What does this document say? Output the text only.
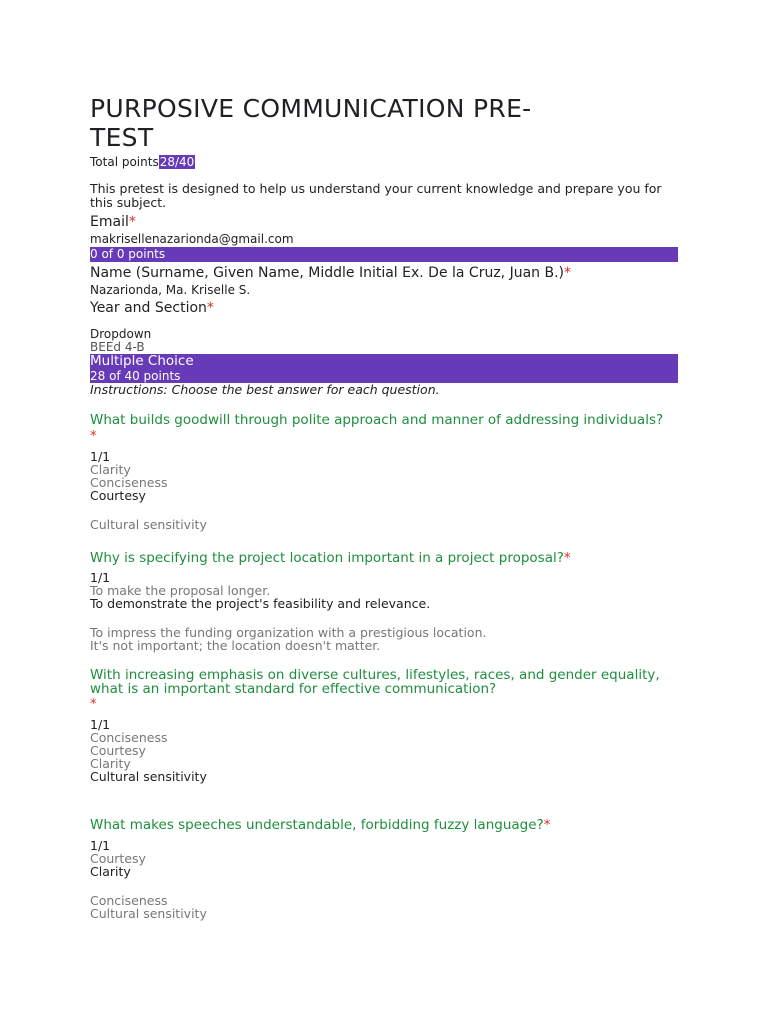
PURPOSIVE COMMUNICATION PRE-
TEST
Total points28/40
This pretest is designed to help us understand your current knowledge and prepare you for this subject.
Email*
makrisellenazarionda@gmail.com
0 of 0 points
Name (Surname, Given Name, Middle Initial Ex. De la Cruz, Juan B.)*
Nazarionda, Ma. Kriselle S.
Year and Section*
Dropdown
BEEd 4-B
Multiple Choice
28 of 40 points
Instructions: Choose the best answer for each question.
What builds goodwill through polite approach and manner of addressing individuals?
*
1/1
Clarity
Conciseness
Courtesy
Cultural sensitivity
Why is specifying the project location important in a project proposal?*
1/1
To make the proposal longer.
To demonstrate the project's feasibility and relevance.
To impress the funding organization with a prestigious location.
It's not important; the location doesn't matter.
With increasing emphasis on diverse cultures, lifestyles, races, and gender equality, what is an important standard for effective communication?
*
1/1
Conciseness
Courtesy
Clarity
Cultural sensitivity
What makes speeches understandable, forbidding fuzzy language?*
1/1
Courtesy
Clarity
Conciseness
Cultural sensitivity
